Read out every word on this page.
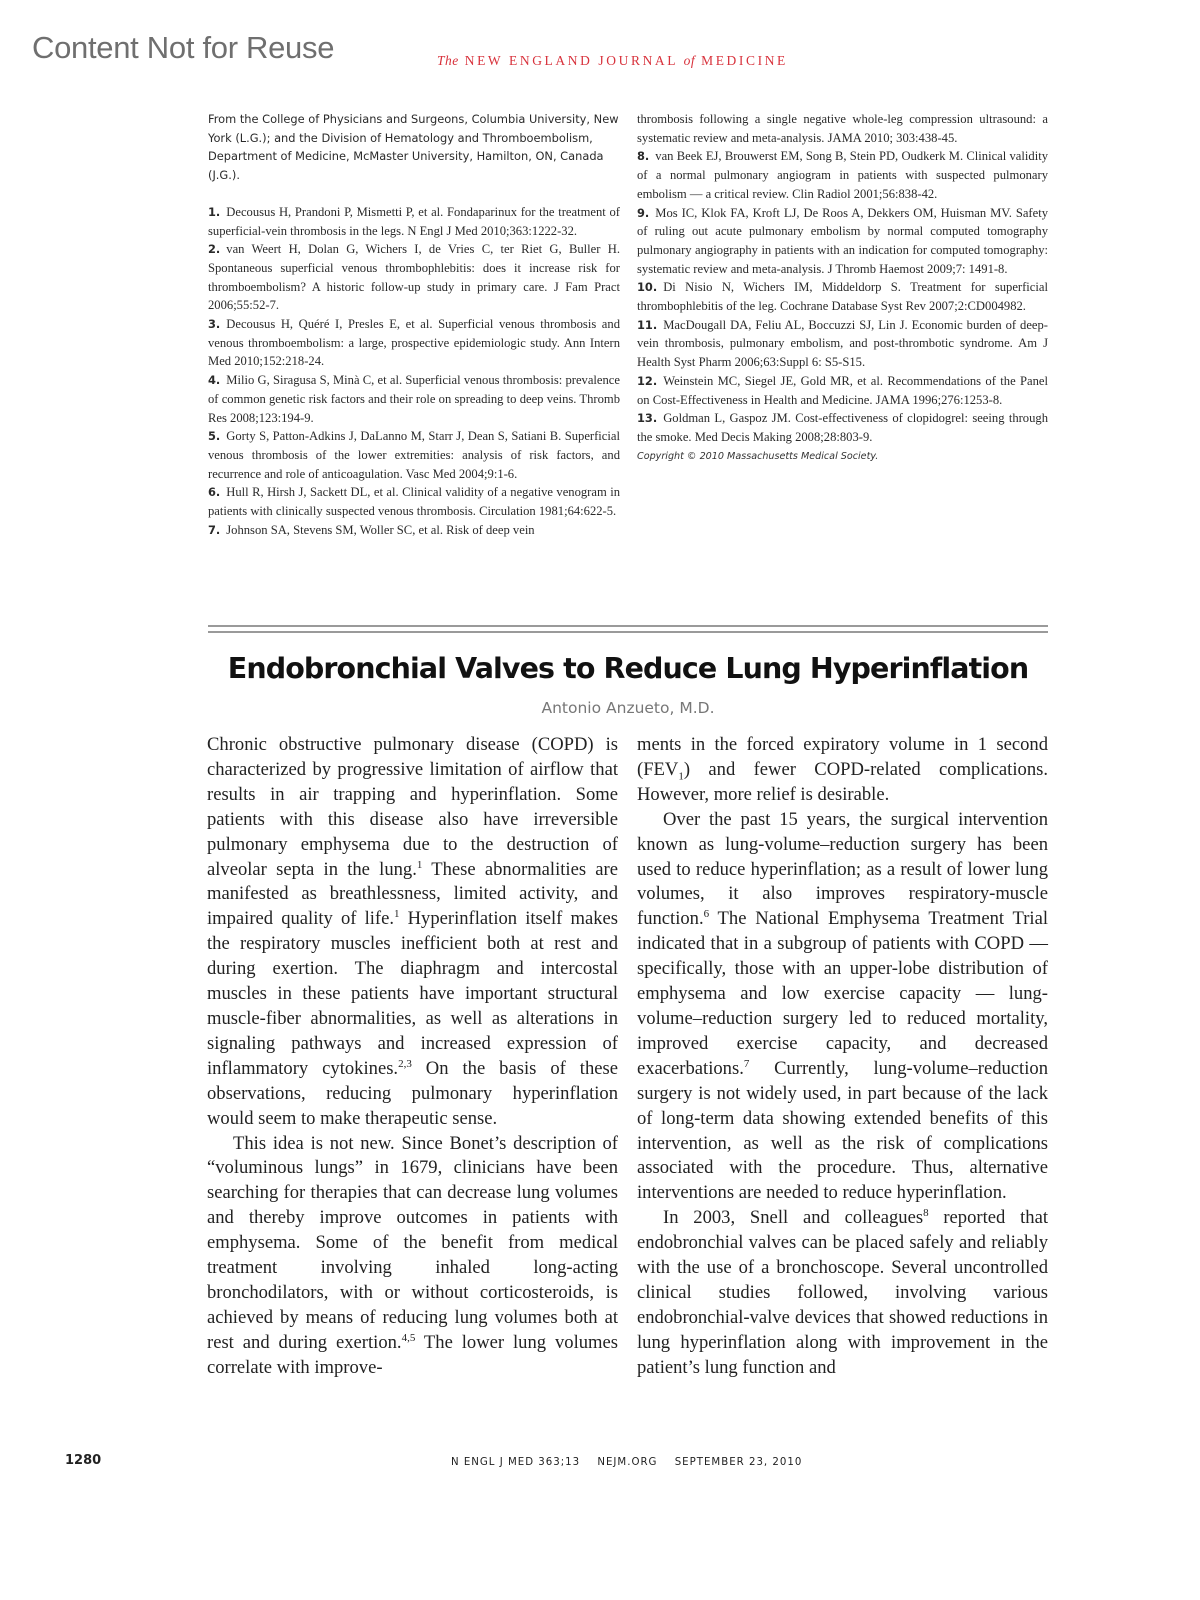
Content Not for Reuse	The NEW ENGLAND JOURNAL of MEDICINE

From the College of Physicians and Surgeons, Columbia University, New York (L.G.); and the Division of Hematology and Thromboembolism, Department of Medicine, McMaster University, Hamilton, ON, Canada (J.G.).

1. Decousus H, Prandoni P, Mismetti P, et al. Fondaparinux for the treatment of superficial-vein thrombosis in the legs. N Engl J Med 2010;363:1222-32.

2. van Weert H, Dolan G, Wichers I, de Vries C, ter Riet G, Buller H. Spontaneous superficial venous thrombophlebitis: does it increase risk for thromboembolism? A historic follow-up study in primary care. J Fam Pract 2006;55:52-7.

3. Decousus H, Quéré I, Presles E, et al. Superficial venous thrombosis and venous thromboembolism: a large, prospective epidemiologic study. Ann Intern Med 2010;152:218-24.

4. Milio G, Siragusa S, Minà C, et al. Superficial venous thrombosis: prevalence of common genetic risk factors and their role on spreading to deep veins. Thromb Res 2008;123:194-9.

5. Gorty S, Patton-Adkins J, DaLanno M, Starr J, Dean S, Satiani B. Superficial venous thrombosis of the lower extremities: analysis of risk factors, and recurrence and role of anticoagulation. Vasc Med 2004;9:1-6.

6. Hull R, Hirsh J, Sackett DL, et al. Clinical validity of a negative venogram in patients with clinically suspected venous thrombosis. Circulation 1981;64:622-5.

7. Johnson SA, Stevens SM, Woller SC, et al. Risk of deep vein

thrombosis following a single negative whole-leg compression ultrasound: a systematic review and meta-analysis. JAMA 2010; 303:438-45.

8. van Beek EJ, Brouwerst EM, Song B, Stein PD, Oudkerk M. Clinical validity of a normal pulmonary angiogram in patients with suspected pulmonary embolism — a critical review. Clin Radiol 2001;56:838-42.

9. Mos IC, Klok FA, Kroft LJ, De Roos A, Dekkers OM, Huisman MV. Safety of ruling out acute pulmonary embolism by normal computed tomography pulmonary angiography in patients with an indication for computed tomography: systematic review and meta-analysis. J Thromb Haemost 2009;7: 1491-8.

10. Di Nisio N, Wichers IM, Middeldorp S. Treatment for superficial thrombophlebitis of the leg. Cochrane Database Syst Rev 2007;2:CD004982.

11. MacDougall DA, Feliu AL, Boccuzzi SJ, Lin J. Economic burden of deep-vein thrombosis, pulmonary embolism, and post-thrombotic syndrome. Am J Health Syst Pharm 2006;63:Suppl 6: S5-S15.

12. Weinstein MC, Siegel JE, Gold MR, et al. Recommendations of the Panel on Cost-Effectiveness in Health and Medicine. JAMA 1996;276:1253-8.

13. Goldman L, Gaspoz JM. Cost-effectiveness of clopidogrel: seeing through the smoke. Med Decis Making 2008;28:803-9.

Copyright © 2010 Massachusetts Medical Society.

Endobronchial Valves to Reduce Lung Hyperinflation
Antonio Anzueto, M.D.

Chronic obstructive pulmonary disease (COPD) is characterized by progressive limitation of airflow that results in air trapping and hyperinflation. Some patients with this disease also have irreversible pulmonary emphysema due to the destruction of alveolar septa in the lung.$^1$ These abnormalities are manifested as breathlessness, limited activity, and impaired quality of life.$^1$ Hyperinflation itself makes the respiratory muscles inefficient both at rest and during exertion. The diaphragm and intercostal muscles in these patients have important structural muscle-fiber abnormalities, as well as alterations in signaling pathways and increased expression of inflammatory cytokines.$^{2,3}$ On the basis of these observations, reducing pulmonary hyperinflation would seem to make therapeutic sense.

This idea is not new. Since Bonet’s description of “voluminous lungs” in 1679, clinicians have been searching for therapies that can decrease lung volumes and thereby improve outcomes in patients with emphysema. Some of the benefit from medical treatment involving inhaled long-acting bronchodilators, with or without corticosteroids, is achieved by means of reducing lung volumes both at rest and during exertion.$^{4,5}$ The lower lung volumes correlate with improve-

ments in the forced expiratory volume in 1 second $(FEV_1)$ and fewer COPD-related complications. However, more relief is desirable.

Over the past 15 years, the surgical intervention known as lung-volume–reduction surgery has been used to reduce hyperinflation; as a result of lower lung volumes, it also improves respiratory-muscle function.$^6$ The National Emphysema Treatment Trial indicated that in a subgroup of patients with COPD — specifically, those with an upper-lobe distribution of emphysema and low exercise capacity — lung-volume–reduction surgery led to reduced mortality, improved exercise capacity, and decreased exacerbations.$^7$ Currently, lung-volume–reduction surgery is not widely used, in part because of the lack of long-term data showing extended benefits of this intervention, as well as the risk of complications associated with the procedure. Thus, alternative interventions are needed to reduce hyperinflation.

In 2003, Snell and colleagues$^8$ reported that endobronchial valves can be placed safely and reliably with the use of a bronchoscope. Several uncontrolled clinical studies followed, involving various endobronchial-valve devices that showed reductions in lung hyperinflation along with improvement in the patient’s lung function and

1280	N ENGL J MED 363;13 NEJM.ORG SEPTEMBER 23, 2010
